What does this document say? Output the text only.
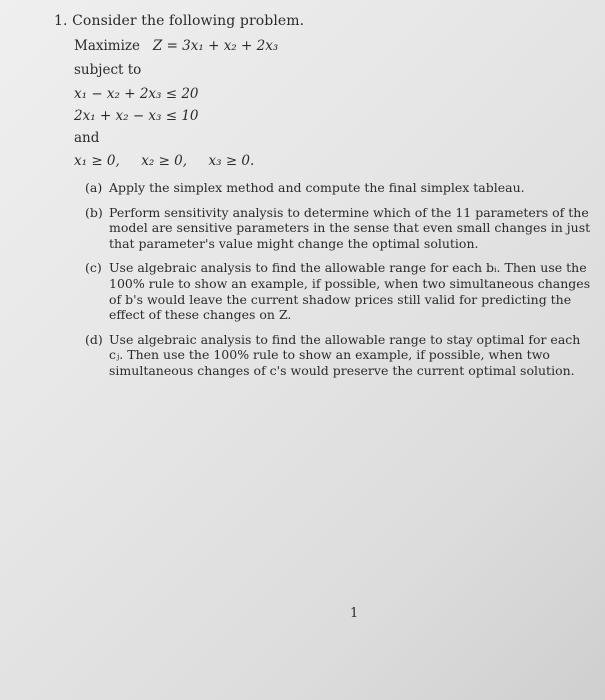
1. Consider the following problem.
Maximize Z = 3x₁ + x₂ + 2x₃
subject to
x₁ − x₂ + 2x₃ ≤ 20
2x₁ + x₂ − x₃ ≤ 10
and
x₁ ≥ 0,     x₂ ≥ 0,     x₃ ≥ 0.
(a) Apply the simplex method and compute the final simplex tableau.
(b) Perform sensitivity analysis to determine which of the 11 parameters of the model are sensitive parameters in the sense that even small changes in just that parameter's value might change the optimal solution.
(c) Use algebraic analysis to find the allowable range for each bᵢ. Then use the 100% rule to show an example, if possible, when two simultaneous changes of b's would leave the current shadow prices still valid for predicting the effect of these changes on Z.
(d) Use algebraic analysis to find the allowable range to stay optimal for each cⱼ. Then use the 100% rule to show an example, if possible, when two simultaneous changes of c's would preserve the current optimal solution.
1
